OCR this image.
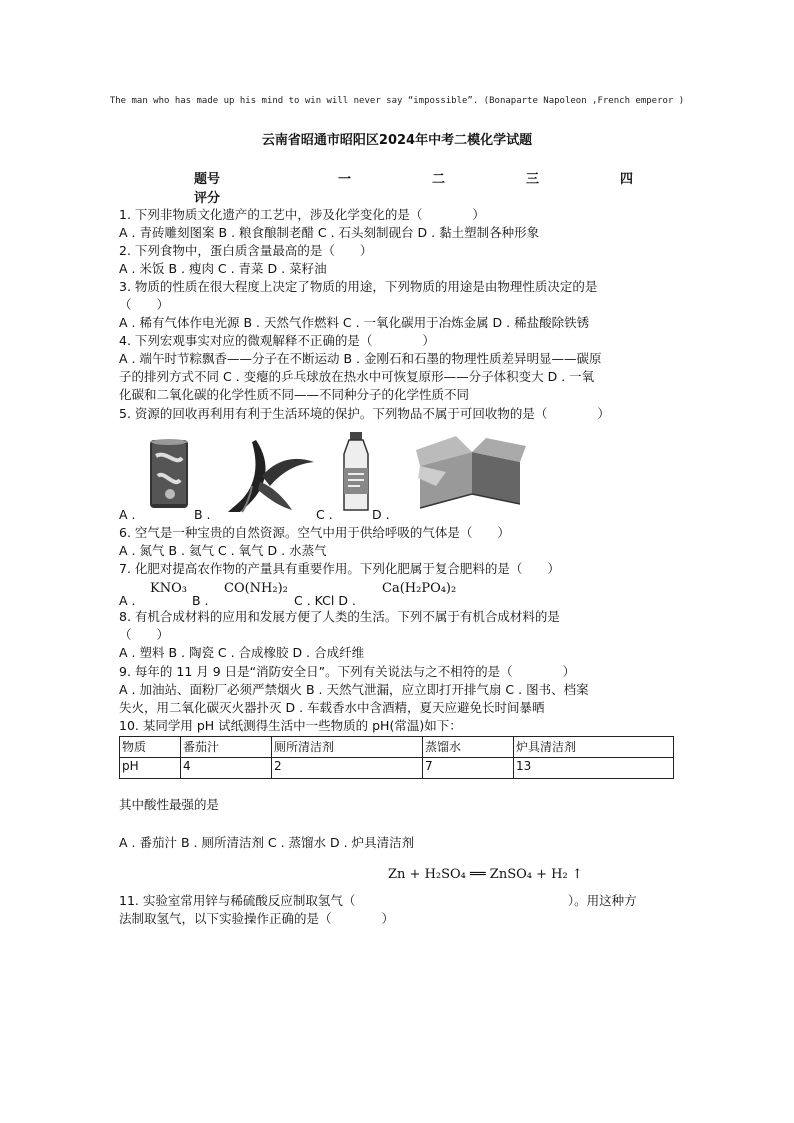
The man who has made up his mind to win will never say “impossible”. (Bonaparte Napoleon ,French emperor )
云南省昭通市昭阳区2024年中考二模化学试题
题号	一	二	三	四
评分
1. 下列非物质文化遗产的工艺中，涉及化学变化的是（　　　　）
A . 青砖雕刻图案 B . 粮食酿制老醋 C . 石头刻制砚台 D . 黏土塑制各种形象
2. 下列食物中，蛋白质含量最高的是（　　）
A . 米饭 B . 瘦肉 C . 青菜 D . 菜籽油
3. 物质的性质在很大程度上决定了物质的用途，下列物质的用途是由物理性质决定的是
（　　）
A . 稀有气体作电光源 B . 天然气作燃料 C . 一氧化碳用于冶炼金属 D . 稀盐酸除铁锈
4. 下列宏观事实对应的微观解释不正确的是（　　　　）
A . 端午时节粽飘香——分子在不断运动 B . 金刚石和石墨的物理性质差异明显——碳原
子的排列方式不同 C . 变瘪的乒乓球放在热水中可恢复原形——分子体积变大 D . 一氧
化碳和二氧化碳的化学性质不同——不同种分子的化学性质不同
5. 资源的回收再利用有利于生活环境的保护。下列物品不属于可回收物的是（　　　　）
A .	B .	C .	D .
6. 空气是一种宝贵的自然资源。空气中用于供给呼吸的气体是（　　）
A . 氮气 B . 氦气 C . 氧气 D . 水蒸气
7. 化肥对提高农作物的产量具有重要作用。下列化肥属于复合肥料的是（　　）
KNO₃	CO(NH₂)₂	Ca(H₂PO₄)₂
A .	B .	C . KCl D .
8. 有机合成材料的应用和发展方便了人类的生活。下列不属于有机合成材料的是
（　　）
A . 塑料 B . 陶瓷 C . 合成橡胶 D . 合成纤维
9. 每年的 11 月 9 日是“消防安全日”。下列有关说法与之不相符的是（　　　　）
A . 加油站、面粉厂必须严禁烟火 B . 天然气泄漏，应立即打开排气扇 C . 图书、档案
失火，用二氧化碳灭火器扑灭 D . 车载香水中含酒精，夏天应避免长时间暴晒
10. 某同学用 pH 试纸测得生活中一些物质的 pH(常温)如下：
物质	番茄汁	厕所清洁剂	蒸馏水	炉具清洁剂
pH	4	2	7	13
其中酸性最强的是
A . 番茄汁 B . 厕所清洁剂 C . 蒸馏水 D . 炉具清洁剂
Zn + H₂SO₄ ══ ZnSO₄ + H₂ ↑
11. 实验室常用锌与稀硫酸反应制取氢气（　　　　　　　　　　　　　　　　　）。用这种方
法制取氢气，以下实验操作正确的是（　　　　）
